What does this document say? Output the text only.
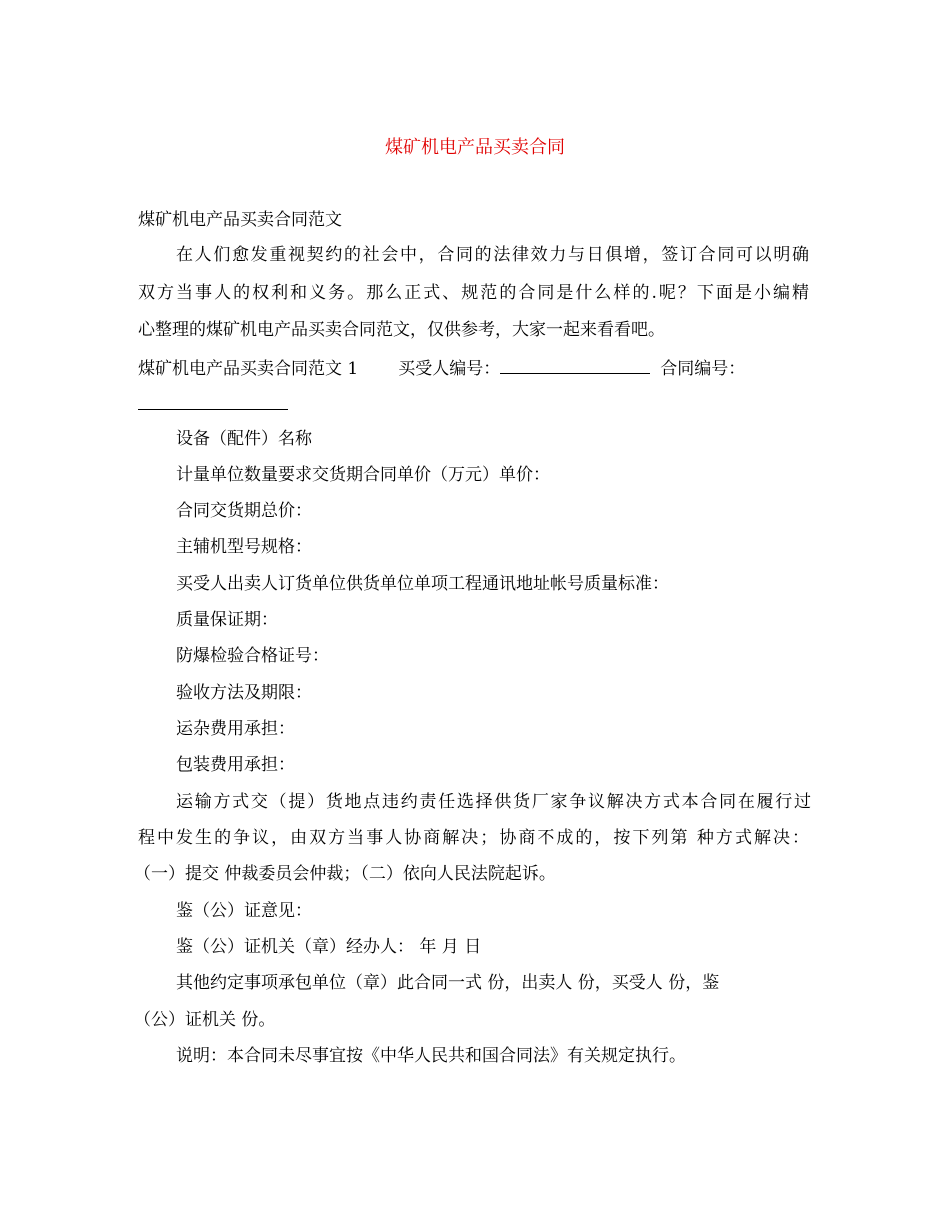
煤矿机电产品买卖合同
煤矿机电产品买卖合同范文
在人们愈发重视契约的社会中，合同的法律效力与日俱增，签订合同可以明确
双方当事人的权利和义务。那么正式、规范的合同是什么样的.呢？下面是小编精
心整理的煤矿机电产品买卖合同范文，仅供参考，大家一起来看看吧。
煤矿机电产品买卖合同范文 1 买受人编号：	合同编号：
设备（配件）名称
计量单位数量要求交货期合同单价（万元）单价：
合同交货期总价：
主辅机型号规格：
买受人出卖人订货单位供货单位单项工程通讯地址帐号质量标准：
质量保证期：
防爆检验合格证号：
验收方法及期限：
运杂费用承担：
包装费用承担：
运输方式交（提）货地点违约责任选择供货厂家争议解决方式本合同在履行过
程中发生的争议，由双方当事人协商解决；协商不成的，按下列第 种方式解决：
（一）提交 仲裁委员会仲裁；（二）依向人民法院起诉。
鉴（公）证意见：
鉴（公）证机关（章）经办人： 年 月 日
其他约定事项承包单位（章）此合同一式 份，出卖人 份，买受人 份，鉴
（公）证机关 份。
说明：本合同未尽事宜按《中华人民共和国合同法》有关规定执行。
